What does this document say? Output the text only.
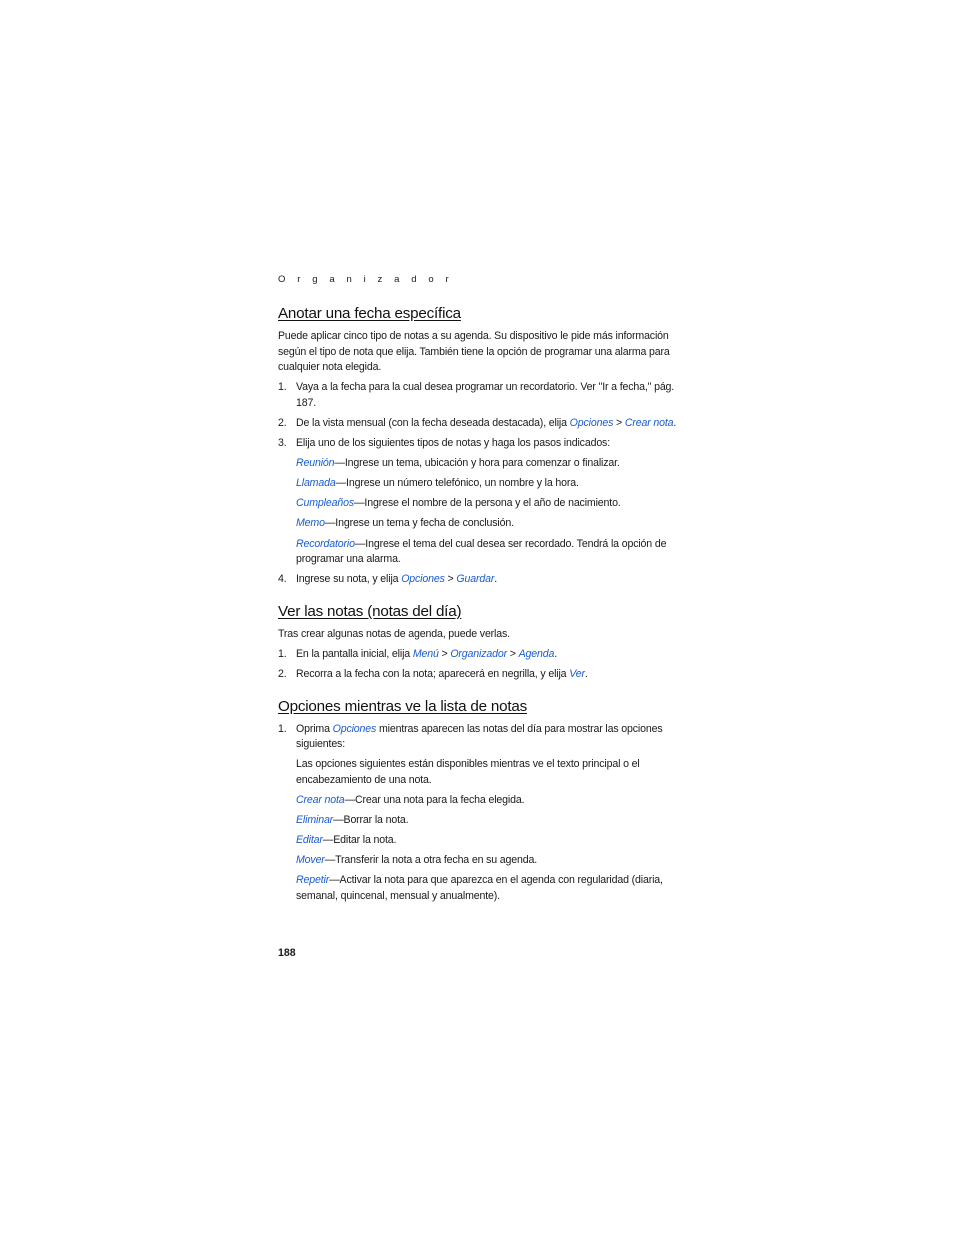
O r g a n i z a d o r
Anotar una fecha específica

Puede aplicar cinco tipo de notas a su agenda. Su dispositivo le pide más información según el tipo de nota que elija. También tiene la opción de programar una alarma para cualquier nota elegida.

1. Vaya a la fecha para la cual desea programar un recordatorio. Ver "Ir a fecha," pág. 187.
2. De la vista mensual (con la fecha deseada destacada), elija Opciones > Crear nota.
3. Elija uno de los siguientes tipos de notas y haga los pasos indicados:
Reunión—Ingrese un tema, ubicación y hora para comenzar o finalizar.
Llamada—Ingrese un número telefónico, un nombre y la hora.
Cumpleaños—Ingrese el nombre de la persona y el año de nacimiento.
Memo—Ingrese un tema y fecha de conclusión.
Recordatorio—Ingrese el tema del cual desea ser recordado. Tendrá la opción de programar una alarma.
4. Ingrese su nota, y elija Opciones > Guardar.
Ver las notas (notas del día)

Tras crear algunas notas de agenda, puede verlas.

1. En la pantalla inicial, elija Menú > Organizador > Agenda.
2. Recorra a la fecha con la nota; aparecerá en negrilla, y elija Ver.
Opciones mientras ve la lista de notas
1. Oprima Opciones mientras aparecen las notas del día para mostrar las opciones siguientes:
Las opciones siguientes están disponibles mientras ve el texto principal o el encabezamiento de una nota.
Crear nota—Crear una nota para la fecha elegida.
Eliminar—Borrar la nota.
Editar—Editar la nota.
Mover—Transferir la nota a otra fecha en su agenda.
Repetir—Activar la nota para que aparezca en el agenda con regularidad (diaria, semanal, quincenal, mensual y anualmente).
188
